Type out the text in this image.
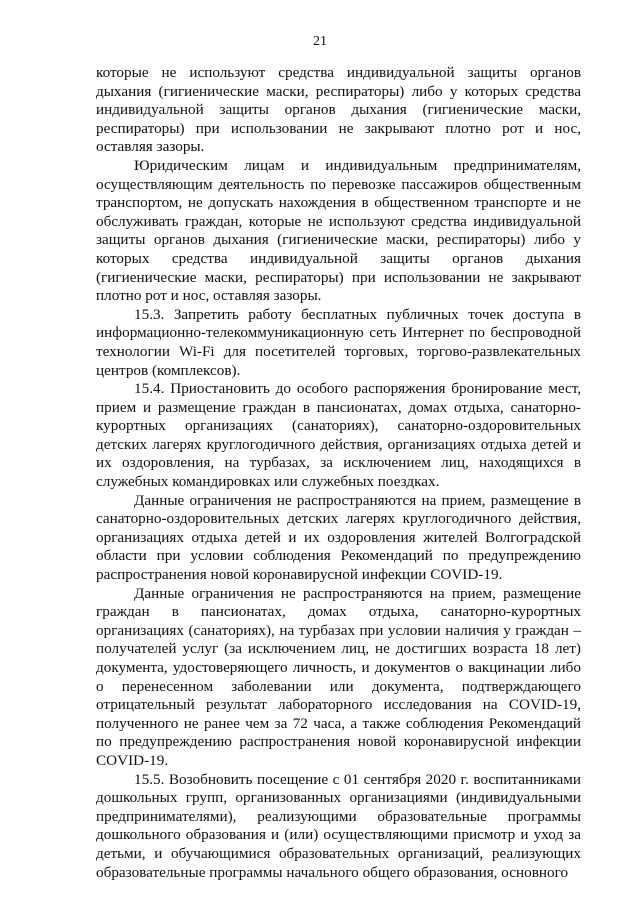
21

которые не используют средства индивидуальной защиты органов дыхания (гигиенические маски, респираторы) либо у которых средства индивидуальной защиты органов дыхания (гигиенические маски, респираторы) при использовании не закрывают плотно рот и нос, оставляя зазоры.

Юридическим лицам и индивидуальным предпринимателям, осуществляющим деятельность по перевозке пассажиров общественным транспортом, не допускать нахождения в общественном транспорте и не обслуживать граждан, которые не используют средства индивидуальной защиты органов дыхания (гигиенические маски, респираторы) либо у которых средства индивидуальной защиты органов дыхания (гигиенические маски, респираторы) при использовании не закрывают плотно рот и нос, оставляя зазоры.

15.3. Запретить работу бесплатных публичных точек доступа в информационно-телекоммуникационную сеть Интернет по беспроводной технологии Wi-Fi для посетителей торговых, торгово-развлекательных центров (комплексов).

15.4. Приостановить до особого распоряжения бронирование мест, прием и размещение граждан в пансионатах, домах отдыха, санаторно-курортных организациях (санаториях), санаторно-оздоровительных детских лагерях круглогодичного действия, организациях отдыха детей и их оздоровления, на турбазах, за исключением лиц, находящихся в служебных командировках или служебных поездках.

Данные ограничения не распространяются на прием, размещение в санаторно-оздоровительных детских лагерях круглогодичного действия, организациях отдыха детей и их оздоровления жителей Волгоградской области при условии соблюдения Рекомендаций по предупреждению распространения новой коронавирусной инфекции COVID-19.

Данные ограничения не распространяются на прием, размещение граждан в пансионатах, домах отдыха, санаторно-курортных организациях (санаториях), на турбазах при условии наличия у граждан – получателей услуг (за исключением лиц, не достигших возраста 18 лет) документа, удостоверяющего личность, и документов о вакцинации либо о перенесенном заболевании или документа, подтверждающего отрицательный результат лабораторного исследования на COVID-19, полученного не ранее чем за 72 часа, а также соблюдения Рекомендаций по предупреждению распространения новой коронавирусной инфекции COVID-19.

15.5. Возобновить посещение с 01 сентября 2020 г. воспитанниками дошкольных групп, организованных организациями (индивидуальными предпринимателями), реализующими образовательные программы дошкольного образования и (или) осуществляющими присмотр и уход за детьми, и обучающимися образовательных организаций, реализующих образовательные программы начального общего образования, основного
